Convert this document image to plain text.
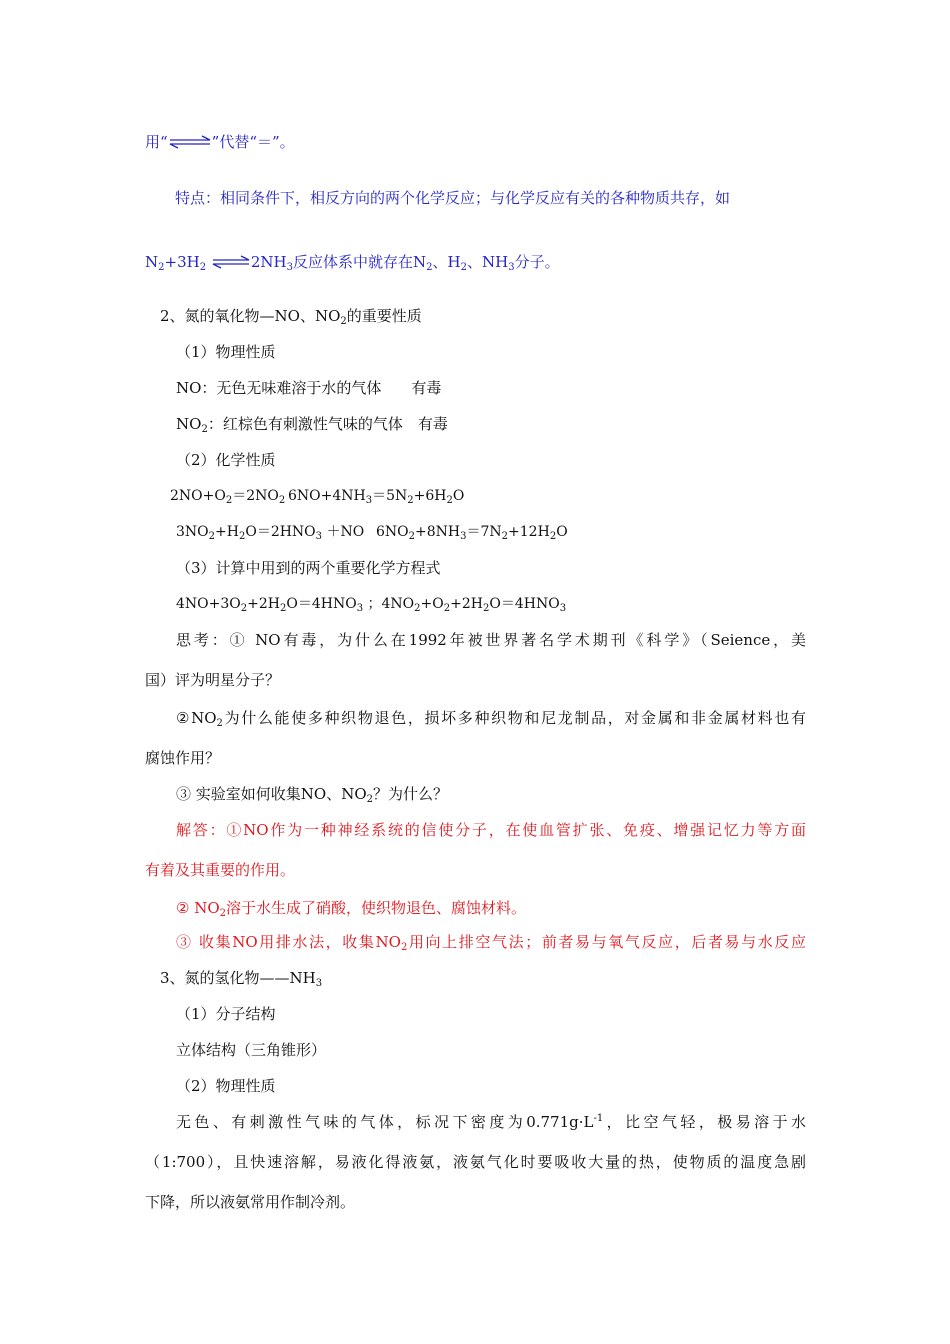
用“⇌”代替“＝”。
特点：相同条件下，相反方向的两个化学反应；与化学反应有关的各种物质共存，如
$N_2+3H_2$ $\rightleftharpoons 2NH_3$反应体系中就存在$N_2$、$H_2$、$NH_3$分子。
2、氮的氧化物—NO、$NO_2$的重要性质
（1）物理性质
NO：无色无味难溶于水的气体　　有毒
$NO_2$：红棕色有刺激性气味的气体　有毒
（2）化学性质
$2NO+O_2=2NO_2$ $6NO+4NH_3=5N_2+6H_2O$
$3NO_2+H_2O=2HNO_3 +NO$ $6NO_2+8NH_3=7N_2+12H_2O$
（3）计算中用到的两个重要化学方程式
$4NO+3O_2+2H_2O=4HNO_3$ ；$4NO_2+O_2+2H_2O=4HNO_3$
思考：① NO有毒，为什么在1992年被世界著名学术期刊《科学》（Seience，美
国）评为明星分子？
$②NO_2$为什么能使多种织物退色，损坏多种织物和尼龙制品，对金属和非金属材料也有
腐蚀作用？
③ 实验室如何收集NO、$NO_2$？为什么？
解答：①NO作为一种神经系统的信使分子，在使血管扩张、免疫、增强记忆力等方面
有着及其重要的作用。
② $NO_2$溶于水生成了硝酸，使织物退色、腐蚀材料。
③ 收集NO用排水法，收集$NO_2$用向上排空气法；前者易与氧气反应，后者易与水反应
3、氮的氢化物$——NH_3$
（1）分子结构
立体结构（三角锥形）
（2）物理性质
无色、有刺激性气味的气体，标况下密度为$0.771g\cdot L^{-1}$，比空气轻，极易溶于水
（1:700），且快速溶解，易液化得液氨，液氨气化时要吸收大量的热，使物质的温度急剧
下降，所以液氨常用作制冷剂。
